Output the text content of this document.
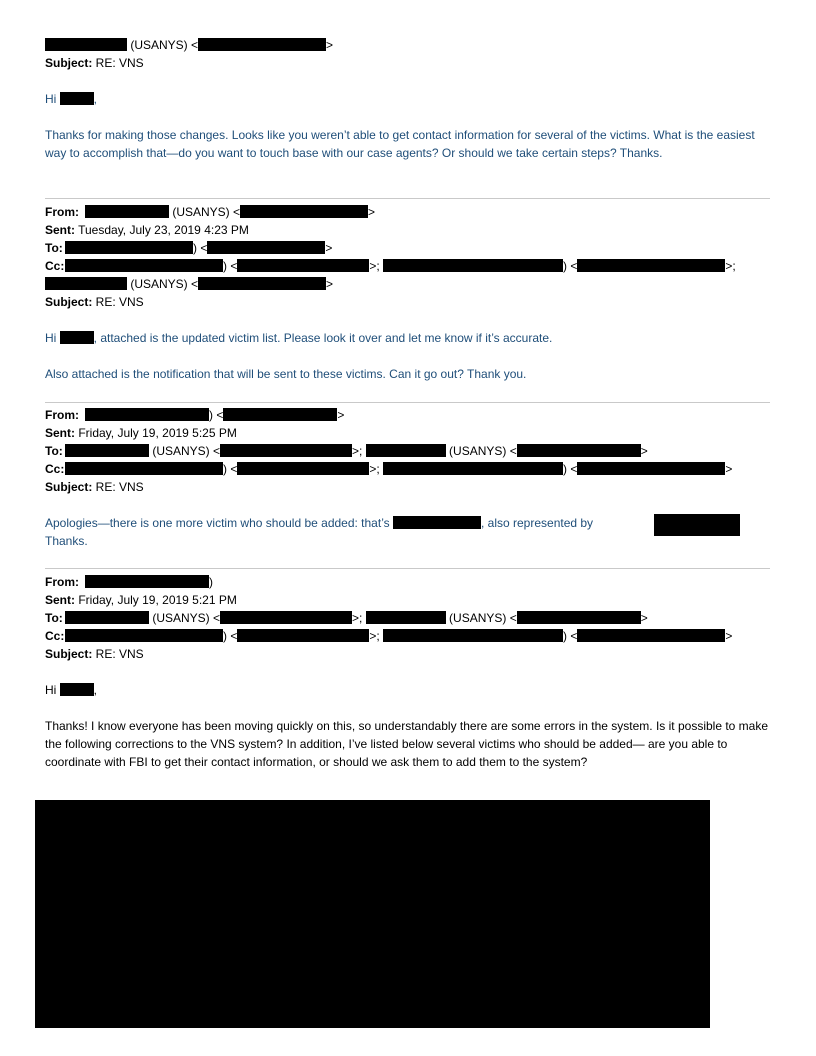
(USANYS) <	>
Subject: RE: VNS
Hi	,
Thanks for making those changes. Looks like you weren’t able to get contact information for several of the victims. What is the easiest way to accomplish that—do you want to touch base with our case agents? Or should we take certain steps? Thanks.
From:	(USANYS) <	>
Sent: Tuesday, July 23, 2019 4:23 PM
To:	) <	>
Cc:	) <	>;	) <	>;
(USANYS) <	>
Subject: RE: VNS
Hi	, attached is the updated victim list. Please look it over and let me know if it’s accurate.
Also attached is the notification that will be sent to these victims. Can it go out? Thank you.
From:	) <	>
Sent: Friday, July 19, 2019 5:25 PM
To:	(USANYS) <	>;	(USANYS) <	>
Cc:	) <	>;	) <	>
Subject: RE: VNS
Apologies—there is one more victim who should be added: that’s	, also represented by
Thanks.
From:	)
Sent: Friday, July 19, 2019 5:21 PM
To:	(USANYS) <	>;	(USANYS) <	>
Cc:	) <	>;	) <	>
Subject: RE: VNS
Hi	,
Thanks! I know everyone has been moving quickly on this, so understandably there are some errors in the system. Is it possible to make the following corrections to the VNS system? In addition, I’ve listed below several victims who should be added— are you able to coordinate with FBI to get their contact information, or should we ask them to add them to the system?
